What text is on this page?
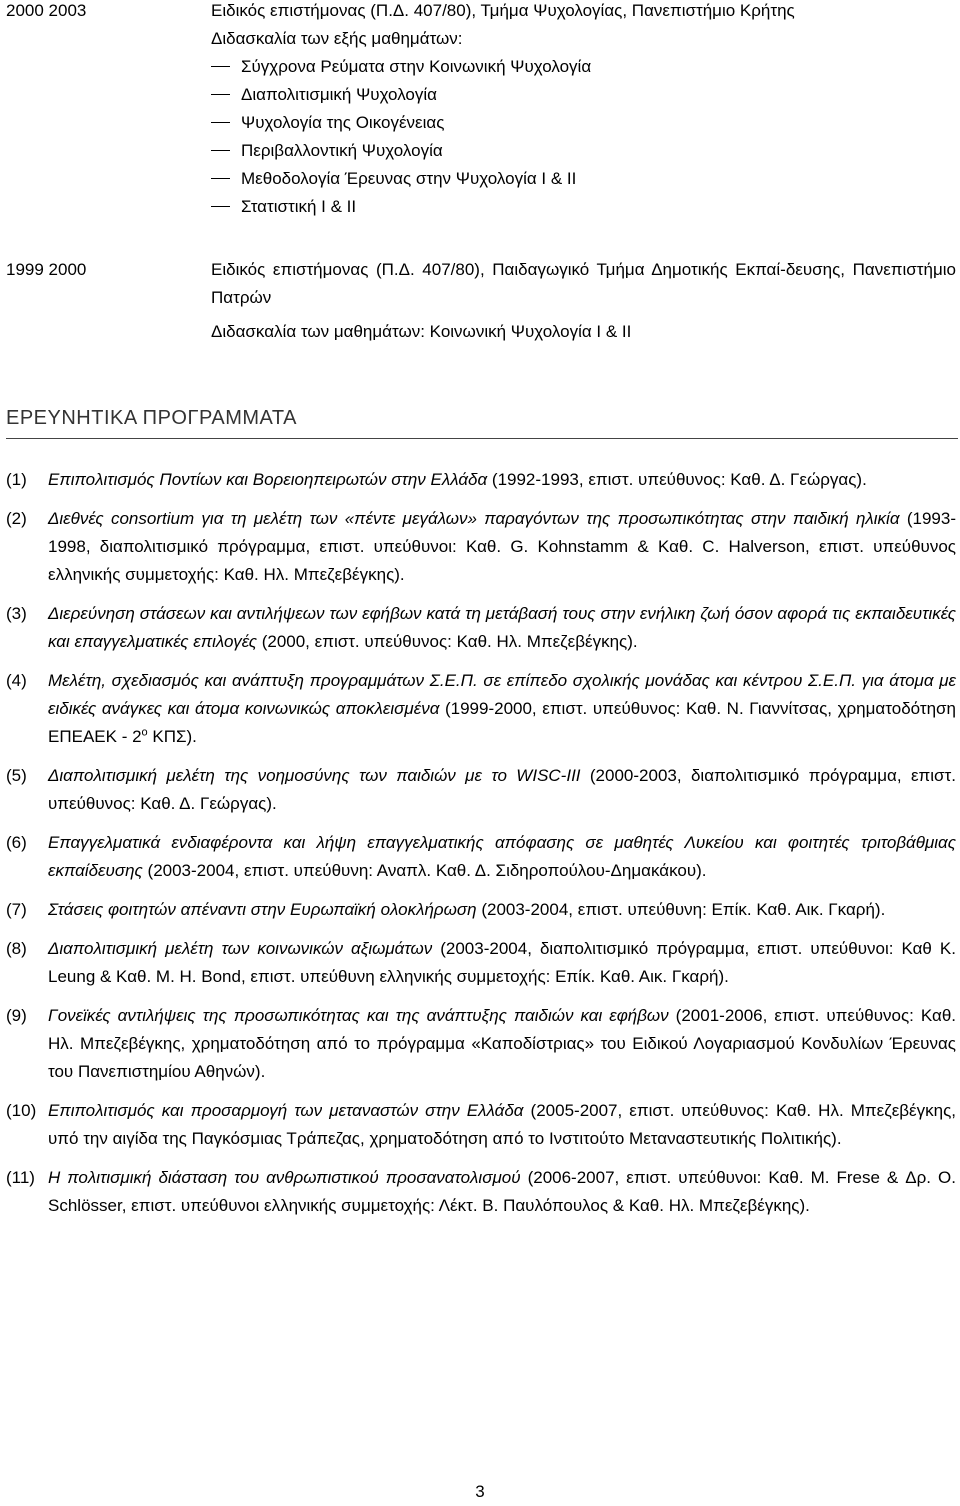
2000 2003	Ειδικός επιστήμονας (Π.Δ. 407/80), Τμήμα Ψυχολογίας, Πανεπιστήμιο Κρήτης
Διδασκαλία των εξής μαθημάτων:
Σύγχρονα Ρεύματα στην Κοινωνική Ψυχολογία
Διαπολιτισμική Ψυχολογία
Ψυχολογία της Οικογένειας
Περιβαλλοντική Ψυχολογία
Μεθοδολογία Έρευνας στην Ψυχολογία I & II
Στατιστική I & II
1999 2000	Ειδικός επιστήμονας (Π.Δ. 407/80), Παιδαγωγικό Τμήμα Δημοτικής Εκπαί-δευσης, Πανεπιστήμιο Πατρών
Διδασκαλία των μαθημάτων: Κοινωνική Ψυχολογία I & II
ΕΡΕΥΝΗΤΙΚΑ ΠΡΟΓΡΑΜΜΑΤΑ
(1) Επιπολιτισμός Ποντίων και Βορειοηπειρωτών στην Ελλάδα (1992-1993, επιστ. υπεύθυνος: Καθ. Δ. Γεώργας).
(2) Διεθνές consortium για τη μελέτη των «πέντε μεγάλων» παραγόντων της προσωπικότητας στην παιδική ηλικία (1993-1998, διαπολιτισμικό πρόγραμμα, επιστ. υπεύθυνοι: Καθ. G. Kohnstamm & Καθ. C. Halverson, επιστ. υπεύθυνος ελληνικής συμμετοχής: Καθ. Ηλ. Μπεζεβέγκης).
(3) Διερεύνηση στάσεων και αντιλήψεων των εφήβων κατά τη μετάβασή τους στην ενήλικη ζωή όσον αφορά τις εκπαιδευτικές και επαγγελματικές επιλογές (2000, επιστ. υπεύθυνος: Καθ. Ηλ. Μπεζεβέγκης).
(4) Μελέτη, σχεδιασμός και ανάπτυξη προγραμμάτων Σ.Ε.Π. σε επίπεδο σχολικής μονάδας και κέντρου Σ.Ε.Π. για άτομα με ειδικές ανάγκες και άτομα κοινωνικώς αποκλεισμένα (1999-2000, επιστ. υπεύθυνος: Καθ. Ν. Γιαννίτσας, χρηματοδότηση ΕΠΕΑΕΚ - $2^o$ ΚΠΣ).
(5) Διαπολιτισμική μελέτη της νοημοσύνης των παιδιών με το WISC-III (2000-2003, διαπολιτισμικό πρόγραμμα, επιστ. υπεύθυνος: Καθ. Δ. Γεώργας).
(6) Επαγγελματικά ενδιαφέροντα και λήψη επαγγελματικής απόφασης σε μαθητές Λυκείου και φοιτητές τριτοβάθμιας εκπαίδευσης (2003-2004, επιστ. υπεύθυνη: Αναπλ. Καθ. Δ. Σιδηροπούλου-Δημακάκου).
(7) Στάσεις φοιτητών απέναντι στην Ευρωπαϊκή ολοκλήρωση (2003-2004, επιστ. υπεύθυνη: Επίκ. Καθ. Αικ. Γκαρή).
(8) Διαπολιτισμική μελέτη των κοινωνικών αξιωμάτων (2003-2004, διαπολιτισμικό πρόγραμμα, επιστ. υπεύθυνοι: Καθ K. Leung & Καθ. M. H. Bond, επιστ. υπεύθυνη ελληνικής συμμετοχής: Επίκ. Καθ. Αικ. Γκαρή).
(9) Γονεϊκές αντιλήψεις της προσωπικότητας και της ανάπτυξης παιδιών και εφήβων (2001-2006, επιστ. υπεύθυνος: Καθ. Ηλ. Μπεζεβέγκης, χρηματοδότηση από το πρόγραμμα «Καποδίστριας» του Ειδικού Λογαριασμού Κονδυλίων Έρευνας του Πανεπιστημίου Αθηνών).
(10) Επιπολιτισμός και προσαρμογή των μεταναστών στην Ελλάδα (2005-2007, επιστ. υπεύθυνος: Καθ. Ηλ. Μπεζεβέγκης, υπό την αιγίδα της Παγκόσμιας Τράπεζας, χρηματοδότηση από το Ινστιτούτο Μεταναστευτικής Πολιτικής).
(11) Η πολιτισμική διάσταση του ανθρωπιστικού προσανατολισμού (2006-2007, επιστ. υπεύθυνοι: Καθ. M. Frese & Δρ. O. Schlösser, επιστ. υπεύθυνοι ελληνικής συμμετοχής: Λέκτ. Β. Παυλόπουλος & Καθ. Ηλ. Μπεζεβέγκης).
3
